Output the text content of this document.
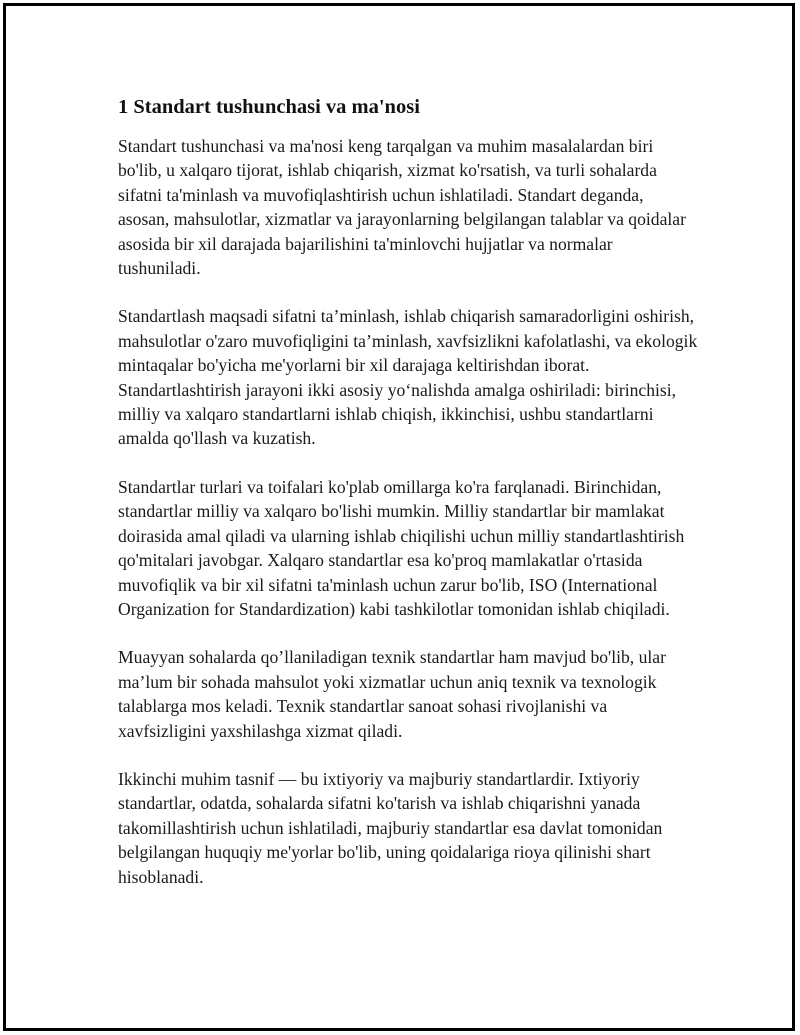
1 Standart tushunchasi va ma'nosi

Standart tushunchasi va ma'nosi keng tarqalgan va muhim masalalardan biri bo'lib, u xalqaro tijorat, ishlab chiqarish, xizmat ko'rsatish, va turli sohalarda sifatni ta'minlash va muvofiqlashtirish uchun ishlatiladi. Standart deganda, asosan, mahsulotlar, xizmatlar va jarayonlarning belgilangan talablar va qoidalar asosida bir xil darajada bajarilishini ta'minlovchi hujjatlar va normalar tushuniladi.

Standartlash maqsadi sifatni ta’minlash, ishlab chiqarish samaradorligini oshirish, mahsulotlar o'zaro muvofiqligini ta’minlash, xavfsizlikni kafolatlashi, va ekologik mintaqalar bo'yicha me'yorlarni bir xil darajaga keltirishdan iborat. Standartlashtirish jarayoni ikki asosiy yo‘nalishda amalga oshiriladi: birinchisi, milliy va xalqaro standartlarni ishlab chiqish, ikkinchisi, ushbu standartlarni amalda qo'llash va kuzatish.

Standartlar turlari va toifalari ko'plab omillarga ko'ra farqlanadi. Birinchidan, standartlar milliy va xalqaro bo'lishi mumkin. Milliy standartlar bir mamlakat doirasida amal qiladi va ularning ishlab chiqilishi uchun milliy standartlashtirish qo'mitalari javobgar. Xalqaro standartlar esa ko'proq mamlakatlar o'rtasida muvofiqlik va bir xil sifatni ta'minlash uchun zarur bo'lib, ISO (International Organization for Standardization) kabi tashkilotlar tomonidan ishlab chiqiladi.

Muayyan sohalarda qo’llaniladigan texnik standartlar ham mavjud bo'lib, ular ma’lum bir sohada mahsulot yoki xizmatlar uchun aniq texnik va texnologik talablarga mos keladi. Texnik standartlar sanoat sohasi rivojlanishi va xavfsizligini yaxshilashga xizmat qiladi.

Ikkinchi muhim tasnif — bu ixtiyoriy va majburiy standartlardir. Ixtiyoriy standartlar, odatda, sohalarda sifatni ko'tarish va ishlab chiqarishni yanada takomillashtirish uchun ishlatiladi, majburiy standartlar esa davlat tomonidan belgilangan huquqiy me'yorlar bo'lib, uning qoidalariga rioya qilinishi shart hisoblanadi.
